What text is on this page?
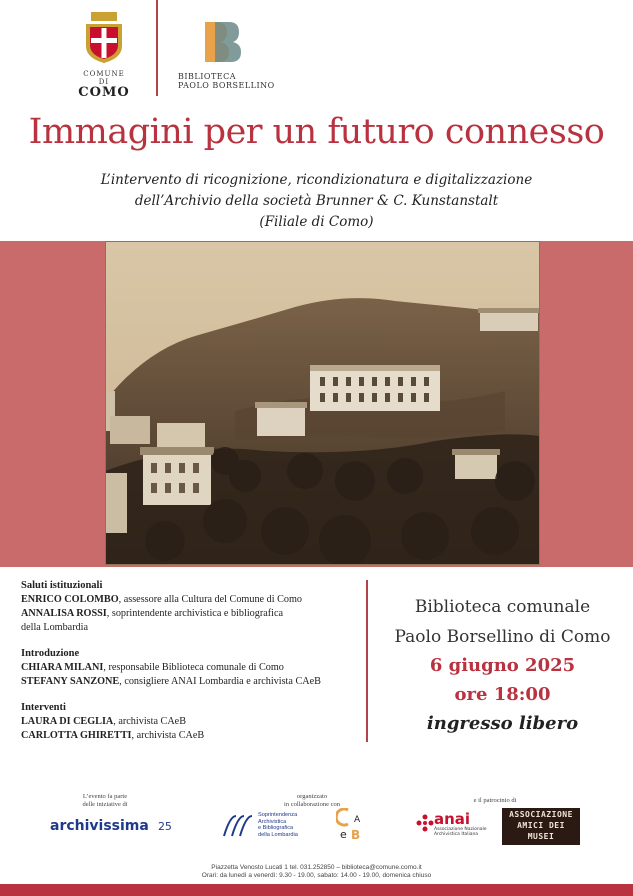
COMUNE DI
COMO
BIBLIOTECA
PAOLO BORSELLINO
Immagini per un futuro connesso
L’intervento di ricognizione, ricondizionatura e digitalizzazione
dell’Archivio della società Brunner & C. Kunstanstalt
(Filiale di Como)
Saluti istituzionali
ENRICO COLOMBO, assessore alla Cultura del Comune di Como
ANNALISA ROSSI, soprintendente archivistica e bibliografica
della Lombardia
Introduzione
CHIARA MILANI, responsabile Biblioteca comunale di Como
STEFANY SANZONE, consigliere ANAI Lombardia e archivista CAeB
Interventi
LAURA DI CEGLIA, archivista CAeB
CARLOTTA GHIRETTI, archivista CAeB
Biblioteca comunale
Paolo Borsellino di Como
6 giugno 2025
ore 18:00
ingresso libero
L’evento fa parte
delle iniziative di
archivissima 25
organizzato
in collaborazione con
Soprintendenza
Archivistica
e Bibliografica
della Lombardia
A
e B
e il patrocinio di
anai
Associazione Nazionale
Archivistica Italiana
ASSOCIAZIONE
AMICI DEI
MUSEI
Piazzetta Venosto Lucati 1 tel. 031.252850 – biblioteca@comune.como.it
Orari: da lunedì a venerdì: 9.30 - 19.00, sabato: 14.00 - 19.00, domenica chiuso
